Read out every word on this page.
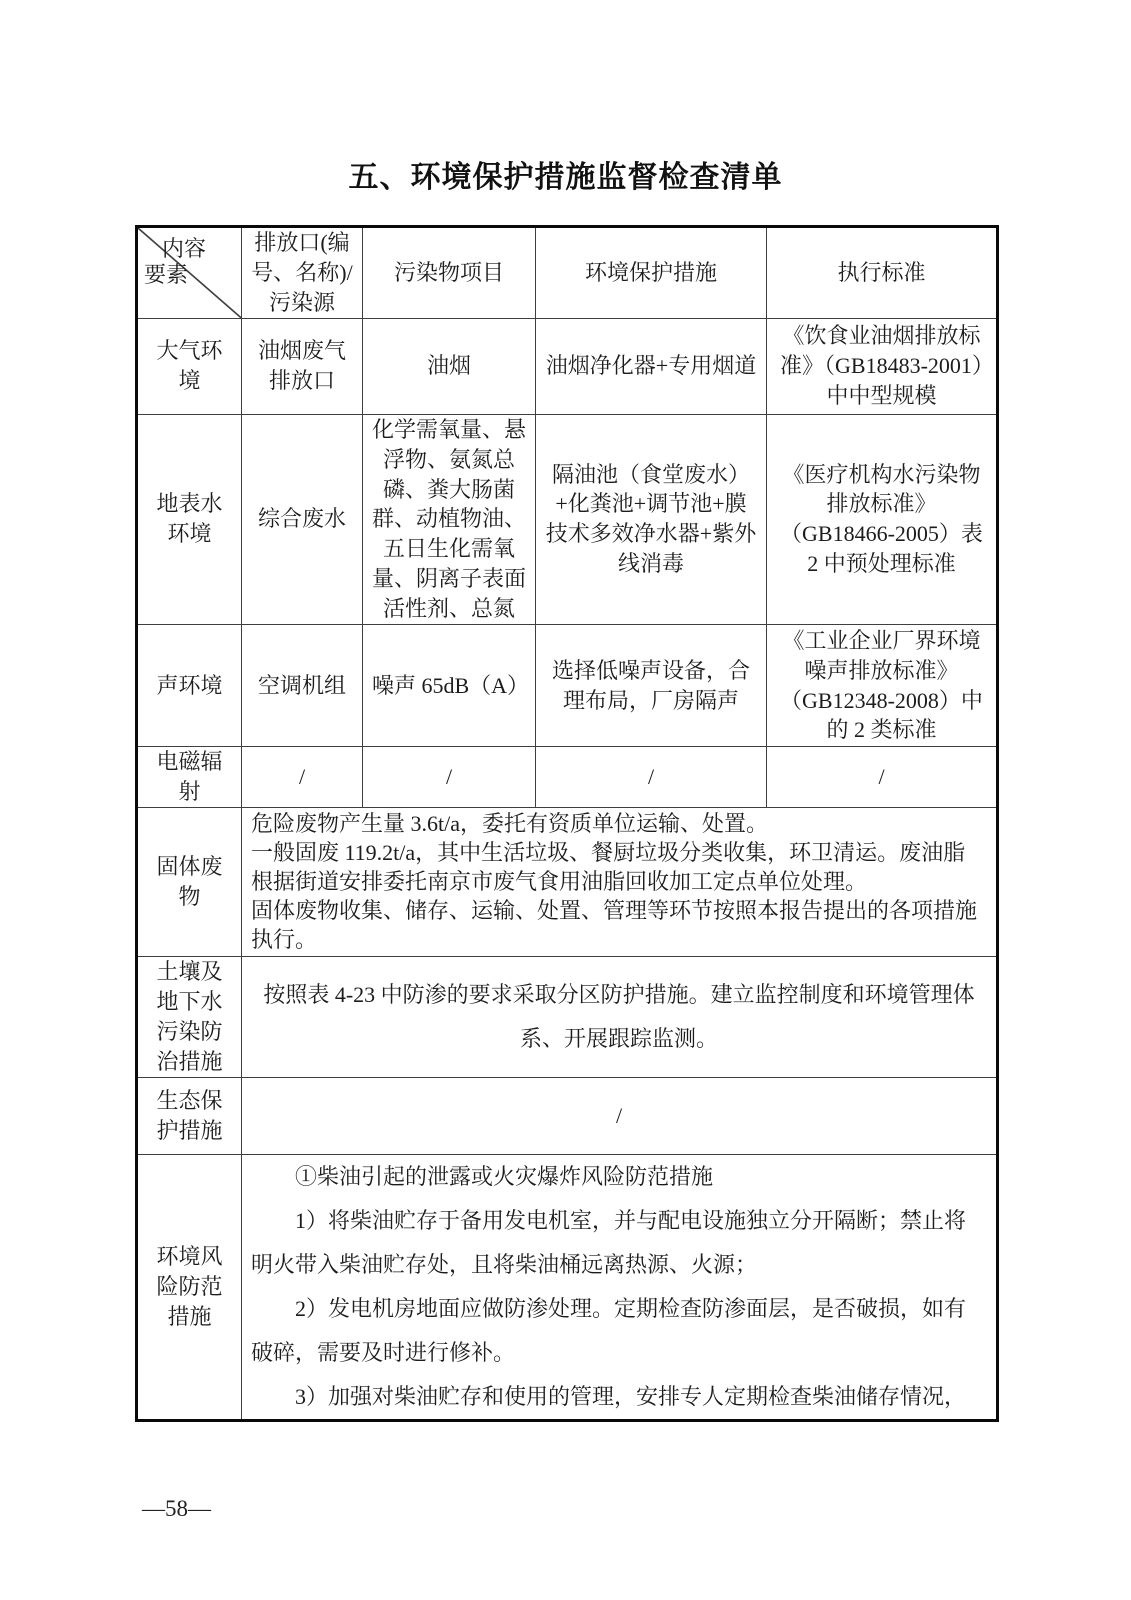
五、环境保护措施监督检查清单
内容
要素	排放口(编号、名称)/污染源	污染物项目	环境保护措施	执行标准
大气环境	油烟废气排放口	油烟	油烟净化器+专用烟道	《饮食业油烟排放标准》（GB18483-2001）中中型规模
地表水环境	综合废水	化学需氧量、悬浮物、氨氮总磷、粪大肠菌群、动植物油、五日生化需氧量、阴离子表面活性剂、总氮	隔油池（食堂废水）+化粪池+调节池+膜技术多效净水器+紫外线消毒	《医疗机构水污染物排放标准》（GB18466-2005）表 2 中预处理标准
声环境	空调机组	噪声 65dB（A）	选择低噪声设备，合理布局，厂房隔声	《工业企业厂界环境噪声排放标准》（GB12348-2008）中的 2 类标准
电磁辐射	/	/	/	/
固体废物	危险废物产生量 3.6t/a，委托有资质单位运输、处置。

一般固废 119.2t/a，其中生活垃圾、餐厨垃圾分类收集，环卫清运。废油脂根据街道安排委托南京市废气食用油脂回收加工定点单位处理。

固体废物收集、储存、运输、处置、管理等环节按照本报告提出的各项措施执行。			

土壤及地下水污染防治措施	按照表 4-23 中防渗的要求采取分区防护措施。建立监控制度和环境管理体系、开展跟踪监测。			
生态保护措施	/			
环境风险防范措施	①柴油引起的泄露或火灾爆炸风险防范措施

1）将柴油贮存于备用发电机室，并与配电设施独立分开隔断；禁止将明火带入柴油贮存处，且将柴油桶远离热源、火源；

2）发电机房地面应做防渗处理。定期检查防渗面层，是否破损，如有破碎，需要及时进行修补。

3）加强对柴油贮存和使用的管理，安排专人定期检查柴油储存情况，			

—58—
